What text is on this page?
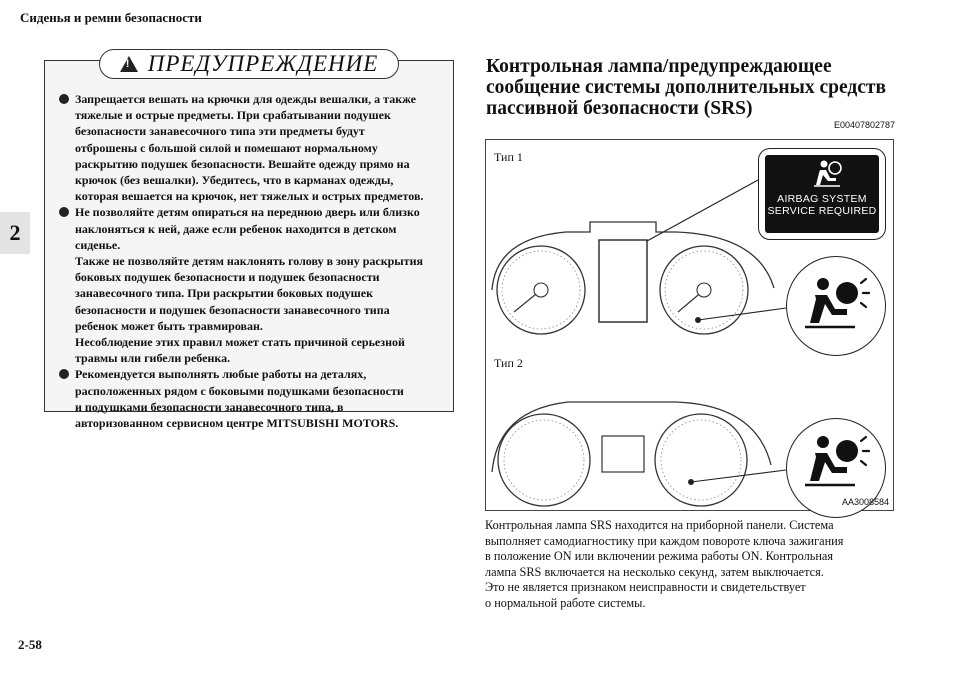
Сиденья и ремни безопасности
2
2-58
!
ПРЕДУПРЕЖДЕНИЕ

Запрещается вешать на крючки для одежды вешалки, а также

тяжелые и острые предметы. При срабатывании подушек

безопасности занавесочного типа эти предметы будут

отброшены с большой силой и помешают нормальному

раскрытию подушек безопасности. Вешайте одежду прямо на

крючок (без вешалки). Убедитесь, что в карманах одежды,

которая вешается на крючок, нет тяжелых и острых предметов.

Не позволяйте детям опираться на переднюю дверь или близко

наклоняться к ней, даже если ребенок находится в детском

сиденье.

Также не позволяйте детям наклонять голову в зону раскрытия

боковых подушек безопасности и подушек безопасности

занавесочного типа. При раскрытии боковых подушек

безопасности и подушек безопасности занавесочного типа

ребенок может быть травмирован.

Несоблюдение этих правил может стать причиной серьезной

травмы или гибели ребенка.

Рекомендуется выполнять любые работы на деталях,

расположенных рядом с боковыми подушками безопасности

и подушками безопасности занавесочного типа, в

авторизованном сервисном центре MITSUBISHI MOTORS.

Контрольная лампа/предупреждающее
сообщение системы дополнительных средств
пассивной безопасности (SRS)
E00407802787
Тип 1
Тип 2
AIRBAG SYSTEM
SERVICE REQUIRED
AA3008584

Контрольная лампа SRS находится на приборной панели. Система

выполняет самодиагностику при каждом повороте ключа зажигания

в положение ON или включении режима работы ON. Контрольная

лампа SRS включается на несколько секунд, затем выключается.

Это не является признаком неисправности и свидетельствует

о нормальной работе системы.
